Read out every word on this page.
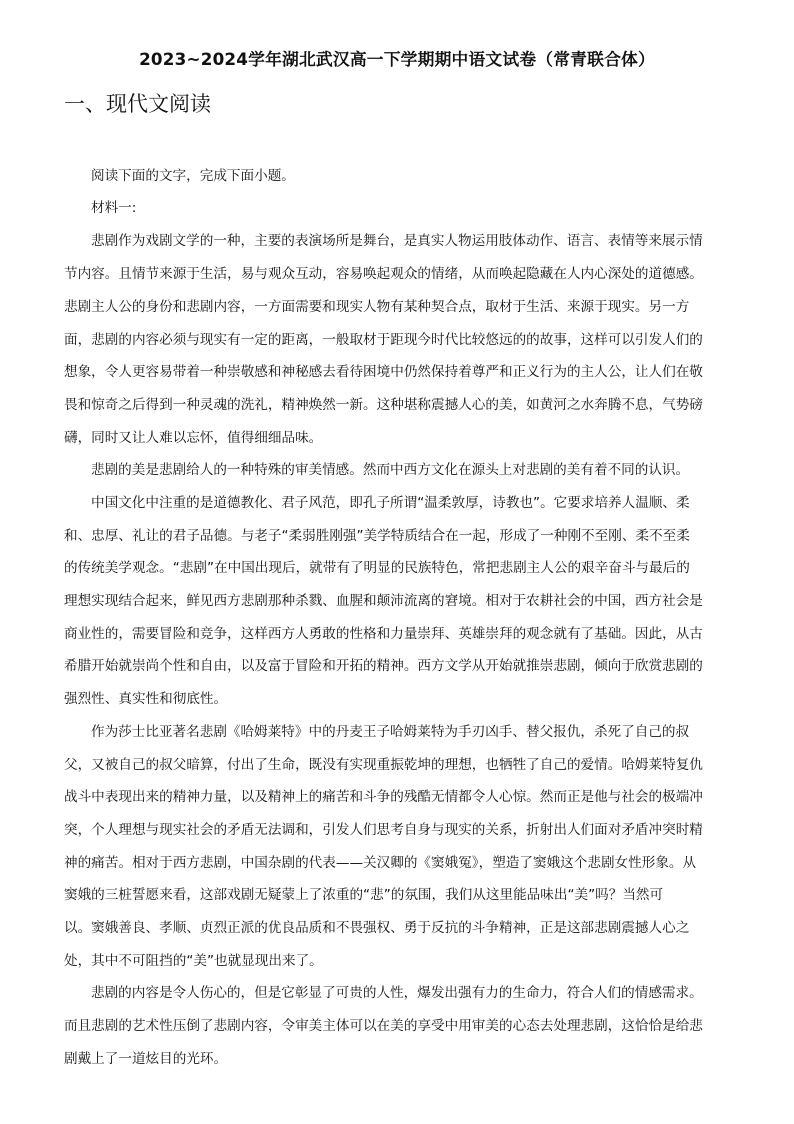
2023~2024学年湖北武汉高一下学期期中语文试卷（常青联合体）
一、现代文阅读
阅读下面的文字，完成下面小题。
材料一:
悲剧作为戏剧文学的一种，主要的表演场所是舞台，是真实人物运用肢体动作、语言、表情等来展示情
节内容。且情节来源于生活，易与观众互动，容易唤起观众的情绪，从而唤起隐藏在人内心深处的道德感。
悲剧主人公的身份和悲剧内容，一方面需要和现实人物有某种契合点，取材于生活、来源于现实。另一方
面，悲剧的内容必须与现实有一定的距离，一般取材于距现今时代比较悠远的的故事，这样可以引发人们的
想象，令人更容易带着一种崇敬感和神秘感去看待困境中仍然保持着尊严和正义行为的主人公，让人们在敬
畏和惊奇之后得到一种灵魂的洗礼，精神焕然一新。这种堪称震撼人心的美，如黄河之水奔腾不息，气势磅
礴，同时又让人难以忘怀，值得细细品味。
悲剧的美是悲剧给人的一种特殊的审美情感。然而中西方文化在源头上对悲剧的美有着不同的认识。
中国文化中注重的是道德教化、君子风范，即孔子所谓“温柔敦厚，诗教也”。它要求培养人温顺、柔
和、忠厚、礼让的君子品德。与老子“柔弱胜刚强”美学特质结合在一起，形成了一种刚不至刚、柔不至柔
的传统美学观念。“悲剧”在中国出现后，就带有了明显的民族特色，常把悲剧主人公的艰辛奋斗与最后的
理想实现结合起来，鲜见西方悲剧那种杀戮、血腥和颠沛流离的窘境。相对于农耕社会的中国，西方社会是
商业性的，需要冒险和竞争，这样西方人勇敢的性格和力量崇拜、英雄崇拜的观念就有了基础。因此，从古
希腊开始就崇尚个性和自由，以及富于冒险和开拓的精神。西方文学从开始就推崇悲剧，倾向于欣赏悲剧的
强烈性、真实性和彻底性。
作为莎士比亚著名悲剧《哈姆莱特》中的丹麦王子哈姆莱特为手刃凶手、替父报仇，杀死了自己的叔
父，又被自己的叔父暗算，付出了生命，既没有实现重振乾坤的理想，也牺牲了自己的爱情。哈姆莱特复仇
战斗中表现出来的精神力量，以及精神上的痛苦和斗争的残酷无情都令人心惊。然而正是他与社会的极端冲
突，个人理想与现实社会的矛盾无法调和，引发人们思考自身与现实的关系，折射出人们面对矛盾冲突时精
神的痛苦。相对于西方悲剧，中国杂剧的代表——关汉卿的《窦娥冤》，塑造了窦娥这个悲剧女性形象。从
窦娥的三桩誓愿来看，这部戏剧无疑蒙上了浓重的“悲”的氛围，我们从这里能品味出“美”吗？当然可
以。窦娥善良、孝顺、贞烈正派的优良品质和不畏强权、勇于反抗的斗争精神，正是这部悲剧震撼人心之
处，其中不可阻挡的“美”也就显现出来了。
悲剧的内容是令人伤心的，但是它彰显了可贵的人性，爆发出强有力的生命力，符合人们的情感需求。
而且悲剧的艺术性压倒了悲剧内容，令审美主体可以在美的享受中用审美的心态去处理悲剧，这恰恰是给悲
剧戴上了一道炫目的光环。
